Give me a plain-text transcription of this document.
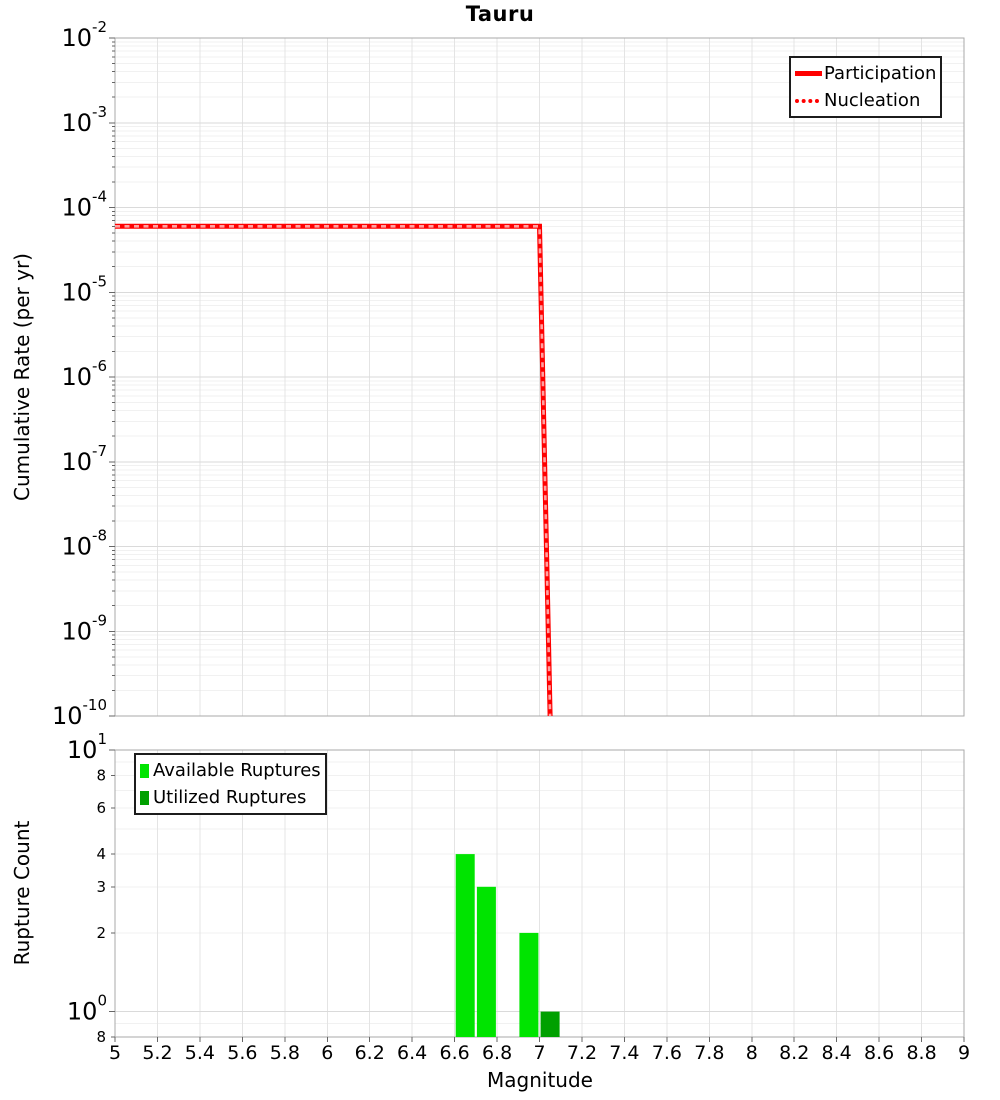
Tauru
$10^{-2}$
$10^{-3}$
$10^{-4}$
$10^{-5}$
$10^{-6}$
$10^{-7}$
$10^{-8}$
$10^{-9}$
$10^{-10}$
$10^1$
8
6
4
3
2
$10^0$
8
5 5.2 5.4 5.6 5.8 6 6.2 6.4 6.6 6.8 7 7.2 7.4 7.6 7.8 8 8.2 8.4 8.6 8.8 9
Cumulative Rate (per yr)
Rupture Count
Magnitude
Participation
Nucleation
Available Ruptures
Utilized Ruptures
